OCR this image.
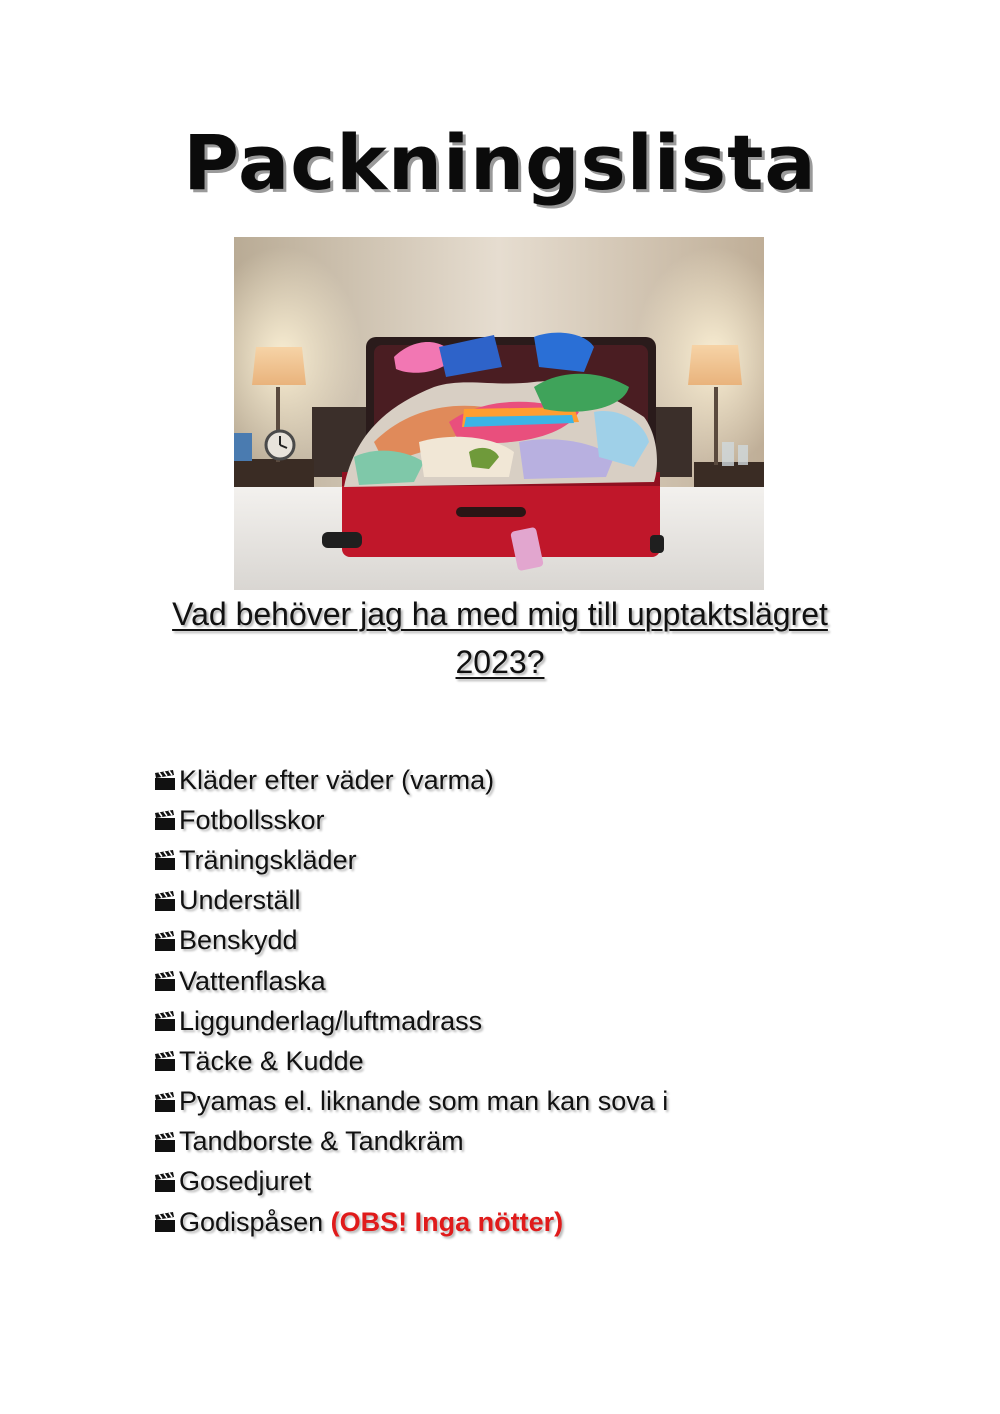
Packningslista

Vad behöver jag ha med mig till upptaktslägret
2023?

Kläder efter väder (varma)
Fotbollsskor
Träningskläder
Underställ
Benskydd
Vattenflaska
Liggunderlag/luftmadrass
Täcke & Kudde
Pyamas el. liknande som man kan sova i
Tandborste & Tandkräm
Gosedjuret
Godispåsen
(OBS! Inga nötter)
